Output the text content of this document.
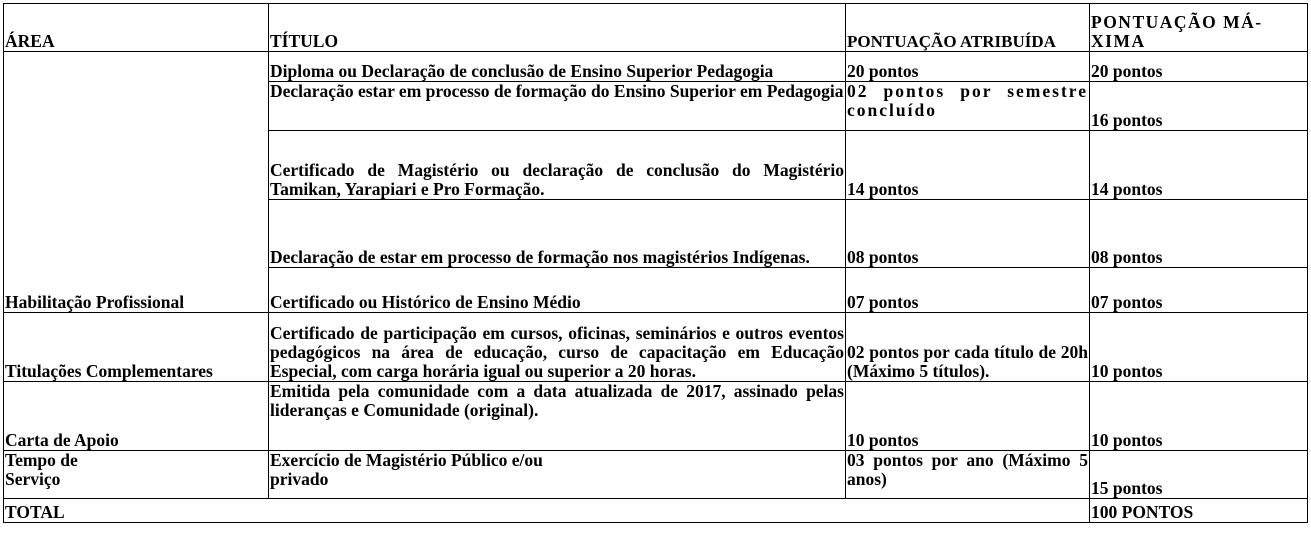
ÁREA	TÍTULO	PONTUAÇÃO ATRIBUÍDA	PONTUAÇÃO MÁ-
XIMA

Habilitação Profissional	Diploma ou Declaração de conclusão de Ensino Superior Pedagogia	20 pontos	20 pontos
	Declaração estar em processo de formação do Ensino Superior em Pedagogia	02 pontos por semestre concluído	16 pontos
	Certificado de Magistério ou declaração de conclusão do Magistério Tamikan, Yarapiari e Pro Formação.	14 pontos	14 pontos
	Declaração de estar em processo de formação nos magistérios Indígenas.	08 pontos	08 pontos
	Certificado ou Histórico de Ensino Médio	07 pontos	07 pontos
Titulações Complementares	Certificado de participação em cursos, oficinas, seminários e outros eventos pedagógicos na área de educação, curso de capacitação em Educação Especial, com carga horária igual ou superior a 20 horas.	02 pontos por cada título de 20h (Máximo 5 títulos).	10 pontos
Carta de Apoio	Emitida pela comunidade com a data atualizada de 2017, assinado pelas lideranças e Comunidade (original).	10 pontos	10 pontos
Tempo de Serviço	Exercício de Magistério Público e/ou privado	03 pontos por ano (Máximo 5 anos)	15 pontos
TOTAL			100 PONTOS
